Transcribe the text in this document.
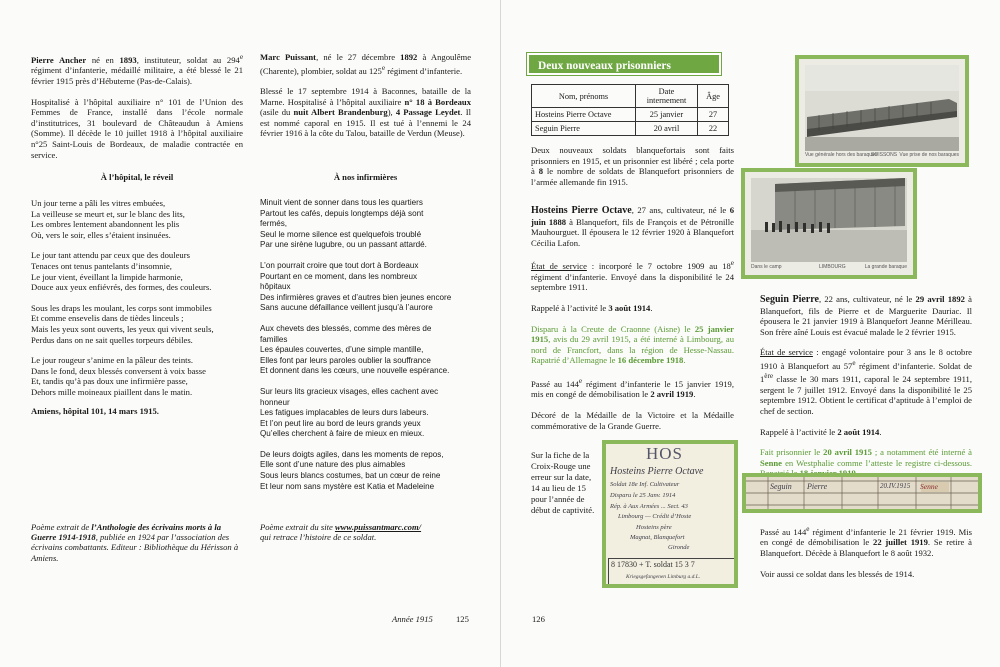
Pierre Ancher né en 1893, instituteur, soldat au 294e régiment d’infanterie, médaillé militaire, a été blessé le 21 février 1915 près d’Hébuterne (Pas-de-Calais).

Hospitalisé à l’hôpital auxiliaire n° 101 de l’Union des Femmes de France, installé dans l’école normale d’institutrices, 31 boulevard de Châteaudun à Amiens (Somme). Il décède le 10 juillet 1918 à l’hôpital auxiliaire n°25 Saint-Louis de Bordeaux, de maladie contractée en service.

À l’hôpital, le réveil
Un jour terne a pâli les vitres embuées,
La veilleuse se meurt et, sur le blanc des lits,
Les ombres lentement abandonnent les plis
Où, vers le soir, elles s’étaient insinuées.
Le jour tant attendu par ceux que des douleurs
Tenaces ont tenus pantelants d’insomnie,
Le jour vient, éveillant la limpide harmonie,
Douce aux yeux enfiévrés, des formes, des couleurs.
Sous les draps les moulant, les corps sont immobiles
Et comme ensevelis dans de tièdes linceuls ;
Mais les yeux sont ouverts, les yeux qui vivent seuls,
Perdus dans on ne sait quelles torpeurs débiles.
Le jour rougeur s’anime en la pâleur des teints.
Dans le fond, deux blessés conversent à voix basse
Et, tandis qu’à pas doux une infirmière passe,
Dehors mille moineaux piaillent dans le matin.
Amiens, hôpital 101, 14 mars 1915.
Poème extrait de l’Anthologie des écrivains morts à la Guerre 1914-1918, publiée en 1924 par l’association des écrivains combattants. Editeur : Bibliothèque du Hérisson à Amiens.

Marc Puissant, né le 27 décembre 1892 à Angoulême (Charente), plombier, soldat au 125e régiment d’infanterie.

Blessé le 17 septembre 1914 à Baconnes, bataille de la Marne. Hospitalisé à l’hôpital auxiliaire n° 18 à Bordeaux (asile du nuit Albert Brandenburg), 4 Passage Leydet. Il est nommé caporal en 1915. Il est tué à l’ennemi le 24 février 1916 à la côte du Talou, bataille de Verdun (Meuse).

À nos infirmières
Minuit vient de sonner dans tous les quartiers
Partout les cafés, depuis longtemps déjà sont
fermés,
Seul le morne silence est quelquefois troublé
Par une sirène lugubre, ou un passant attardé.
L’on pourrait croire que tout dort à Bordeaux
Pourtant en ce moment, dans les nombreux
hôpitaux
Des infirmières graves et d’autres bien jeunes encore
Sans aucune défaillance veillent jusqu’à l’aurore
Aux chevets des blessés, comme des mères de
familles
Les épaules couvertes, d’une simple mantille,
Elles font par leurs paroles oublier la souffrance
Et donnent dans les cœurs, une nouvelle espérance.
Sur leurs lits gracieux visages, elles cachent avec
honneur
Les fatigues implacables de leurs durs labeurs.
Et l’on peut lire au bord de leurs grands yeux
Qu’elles cherchent à faire de mieux en mieux.
De leurs doigts agiles, dans les moments de repos,
Elle sont d’une nature des plus aimables
Sous leurs blancs costumes, bat un cœur de reine
Et leur nom sans mystère est Katia et Madeleine
Poème extrait du site www.puissantmarc.com/
qui retrace l’histoire de ce soldat.
Année 1915	125
Deux nouveaux prisonniers
Nom, prénoms	Date internement	Âge
Hosteins Pierre Octave	25 janvier	27
Seguin Pierre	20 avril	22
Vue générale hors des baraques
SOISSONS Vue prise de nos baraques
Dans le camp	LIMBOURG	La grande baraque

Deux nouveaux soldats blanquefortais sont faits prisonniers en 1915, et un prisonnier est libéré ; cela porte à 8 le nombre de soldats de Blanquefort prisonniers de l’armée allemande fin 1915.

Hosteins Pierre Octave, 27 ans, cultivateur, né le 6 juin 1888 à Blanquefort, fils de François et de Pétronille Mauhourguet. Il épousera le 12 février 1920 à Blanquefort Cécilia Lafon.

État de service : incorporé le 7 octobre 1909 au 18e régiment d’infanterie. Envoyé dans la disponibilité le 24 septembre 1911.

Rappelé à l’activité le 3 août 1914.

Disparu à la Creute de Craonne (Aisne) le 25 janvier 1915, avis du 29 avril 1915, a été interné à Limbourg, au nord de Francfort, dans la région de Hesse-Nassau. Rapatrié d’Allemagne le 16 décembre 1918.

Passé au 144e régiment d’infanterie le 15 janvier 1919, mis en congé de démobilisation le 2 avril 1919.

Décoré de la Médaille de la Victoire et la Médaille commémorative de la Grande Guerre.

Sur la fiche de la Croix-Rouge une erreur sur la date, 14 au lieu de 15 pour l’année de début de captivité.
HOS
Hosteins Pierre Octave
Soldat 18e Inf. Cultivateur
Disparu le 25 Janv. 1914
Rép. à Aux Armées ... Sect. 43
Limbourg — Crédit d’Hoste
Hosteins père
Magnat, Blanquefort
Gironde
8 17830 + T. soldat 15 3 7
Kriegsgefangenen Limburg a.d.L.

Seguin Pierre, 22 ans, cultivateur, né le 29 avril 1892 à Blanquefort, fils de Pierre et de Marguerite Dauriac. Il épousera le 21 janvier 1919 à Blanquefort Jeanne Mérilleau. Son frère aîné Louis est évacué malade le 2 février 1915.

État de service : engagé volontaire pour 3 ans le 8 octobre 1910 à Blanquefort au 57e régiment d’infanterie. Soldat de 1ère classe le 30 mars 1911, caporal le 24 septembre 1911, sergent le 7 juillet 1912. Envoyé dans la disponibilité le 25 septembre 1912. Obtient le certificat d’aptitude à l’emploi de chef de section.

Rappelé à l’activité le 2 août 1914.

Fait prisonnier le 20 avril 1915 ; a notamment été interné à Senne en Westphalie comme l’atteste le registre ci-dessous.

Seguin Pierre	20.IV.1915 Senne

Passé au 144e régiment d’infanterie le 21 février 1919. Mis en congé de démobilisation le 22 juillet 1919. Se retire à Blanquefort. Décède à Blanquefort le 8 août 1932.

Voir aussi ce soldat dans les blessés de 1914.

126
